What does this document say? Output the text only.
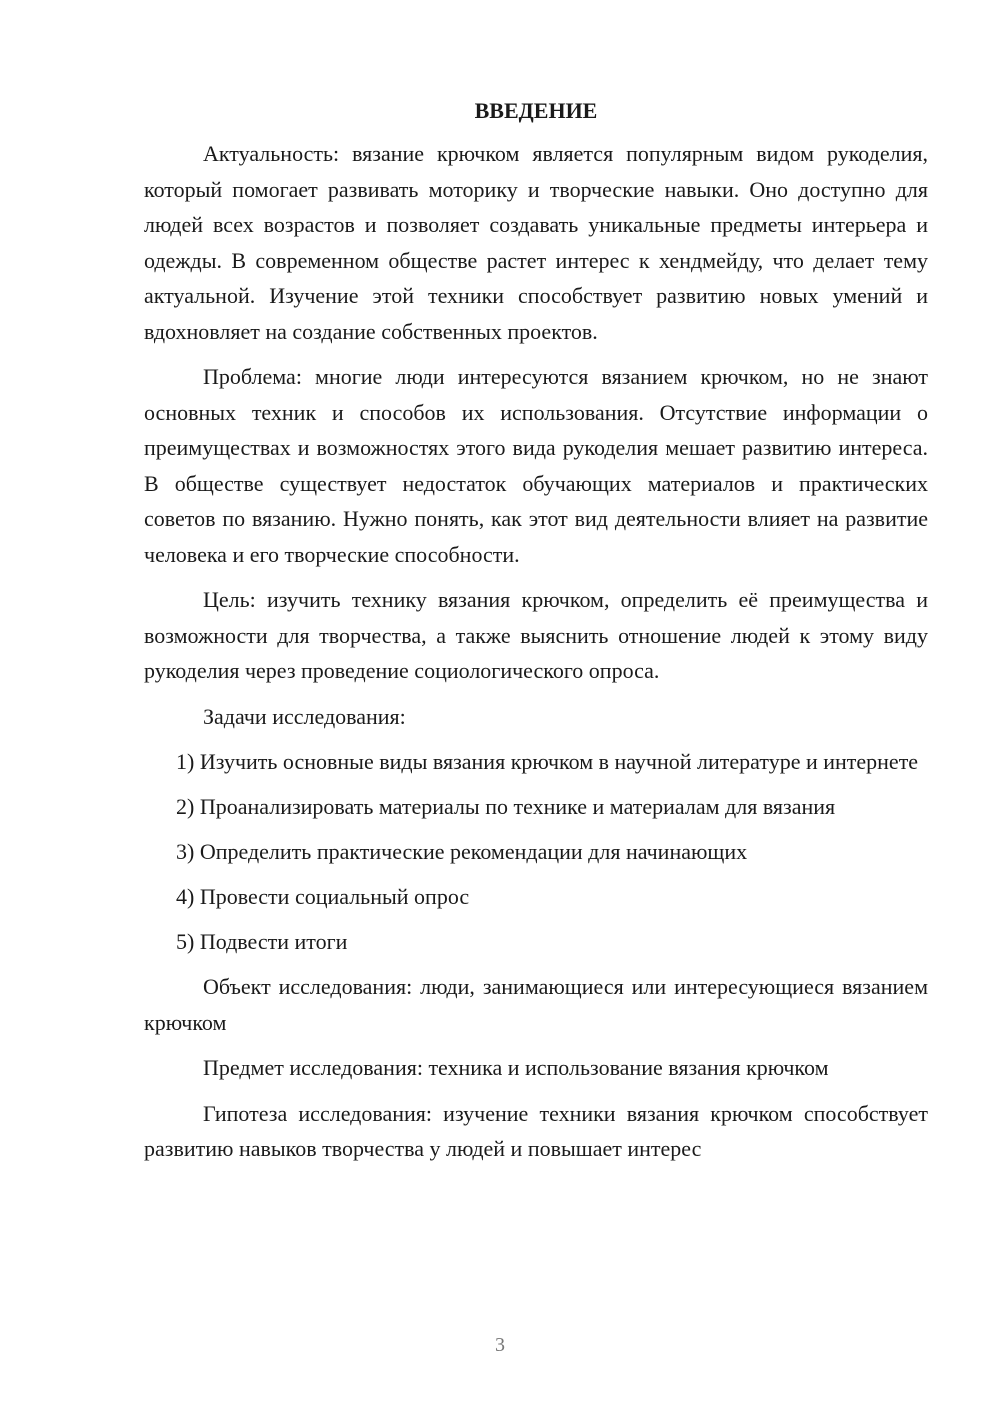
ВВЕДЕНИЕ

Актуальность: вязание крючком является популярным видом рукоделия, который помогает развивать моторику и творческие навыки. Оно доступно для людей всех возрастов и позволяет создавать уникальные предметы интерьера и одежды. В современном обществе растет интерес к хендмейду, что делает тему актуальной. Изучение этой техники способствует развитию новых умений и вдохновляет на создание собственных проектов.

Проблема: многие люди интересуются вязанием крючком, но не знают основных техник и способов их использования. Отсутствие информации о преимуществах и возможностях этого вида рукоделия мешает развитию интереса. В обществе существует недостаток обучающих материалов и практических советов по вязанию. Нужно понять, как этот вид деятельности влияет на развитие человека и его творческие способности.

Цель: изучить технику вязания крючком, определить её преимущества и возможности для творчества, а также выяснить отношение людей к этому виду рукоделия через проведение социологического опроса.

Задачи исследования:

1) Изучить основные виды вязания крючком в научной литературе и интернете
2) Проанализировать материалы по технике и материалам для вязания
3) Определить практические рекомендации для начинающих
4) Провести социальный опрос
5) Подвести итоги

Объект исследования: люди, занимающиеся или интересующиеся вязанием крючком

Предмет исследования: техника и использование вязания крючком

Гипотеза исследования: изучение техники вязания крючком способствует развитию навыков творчества у людей и повышает интерес

3
